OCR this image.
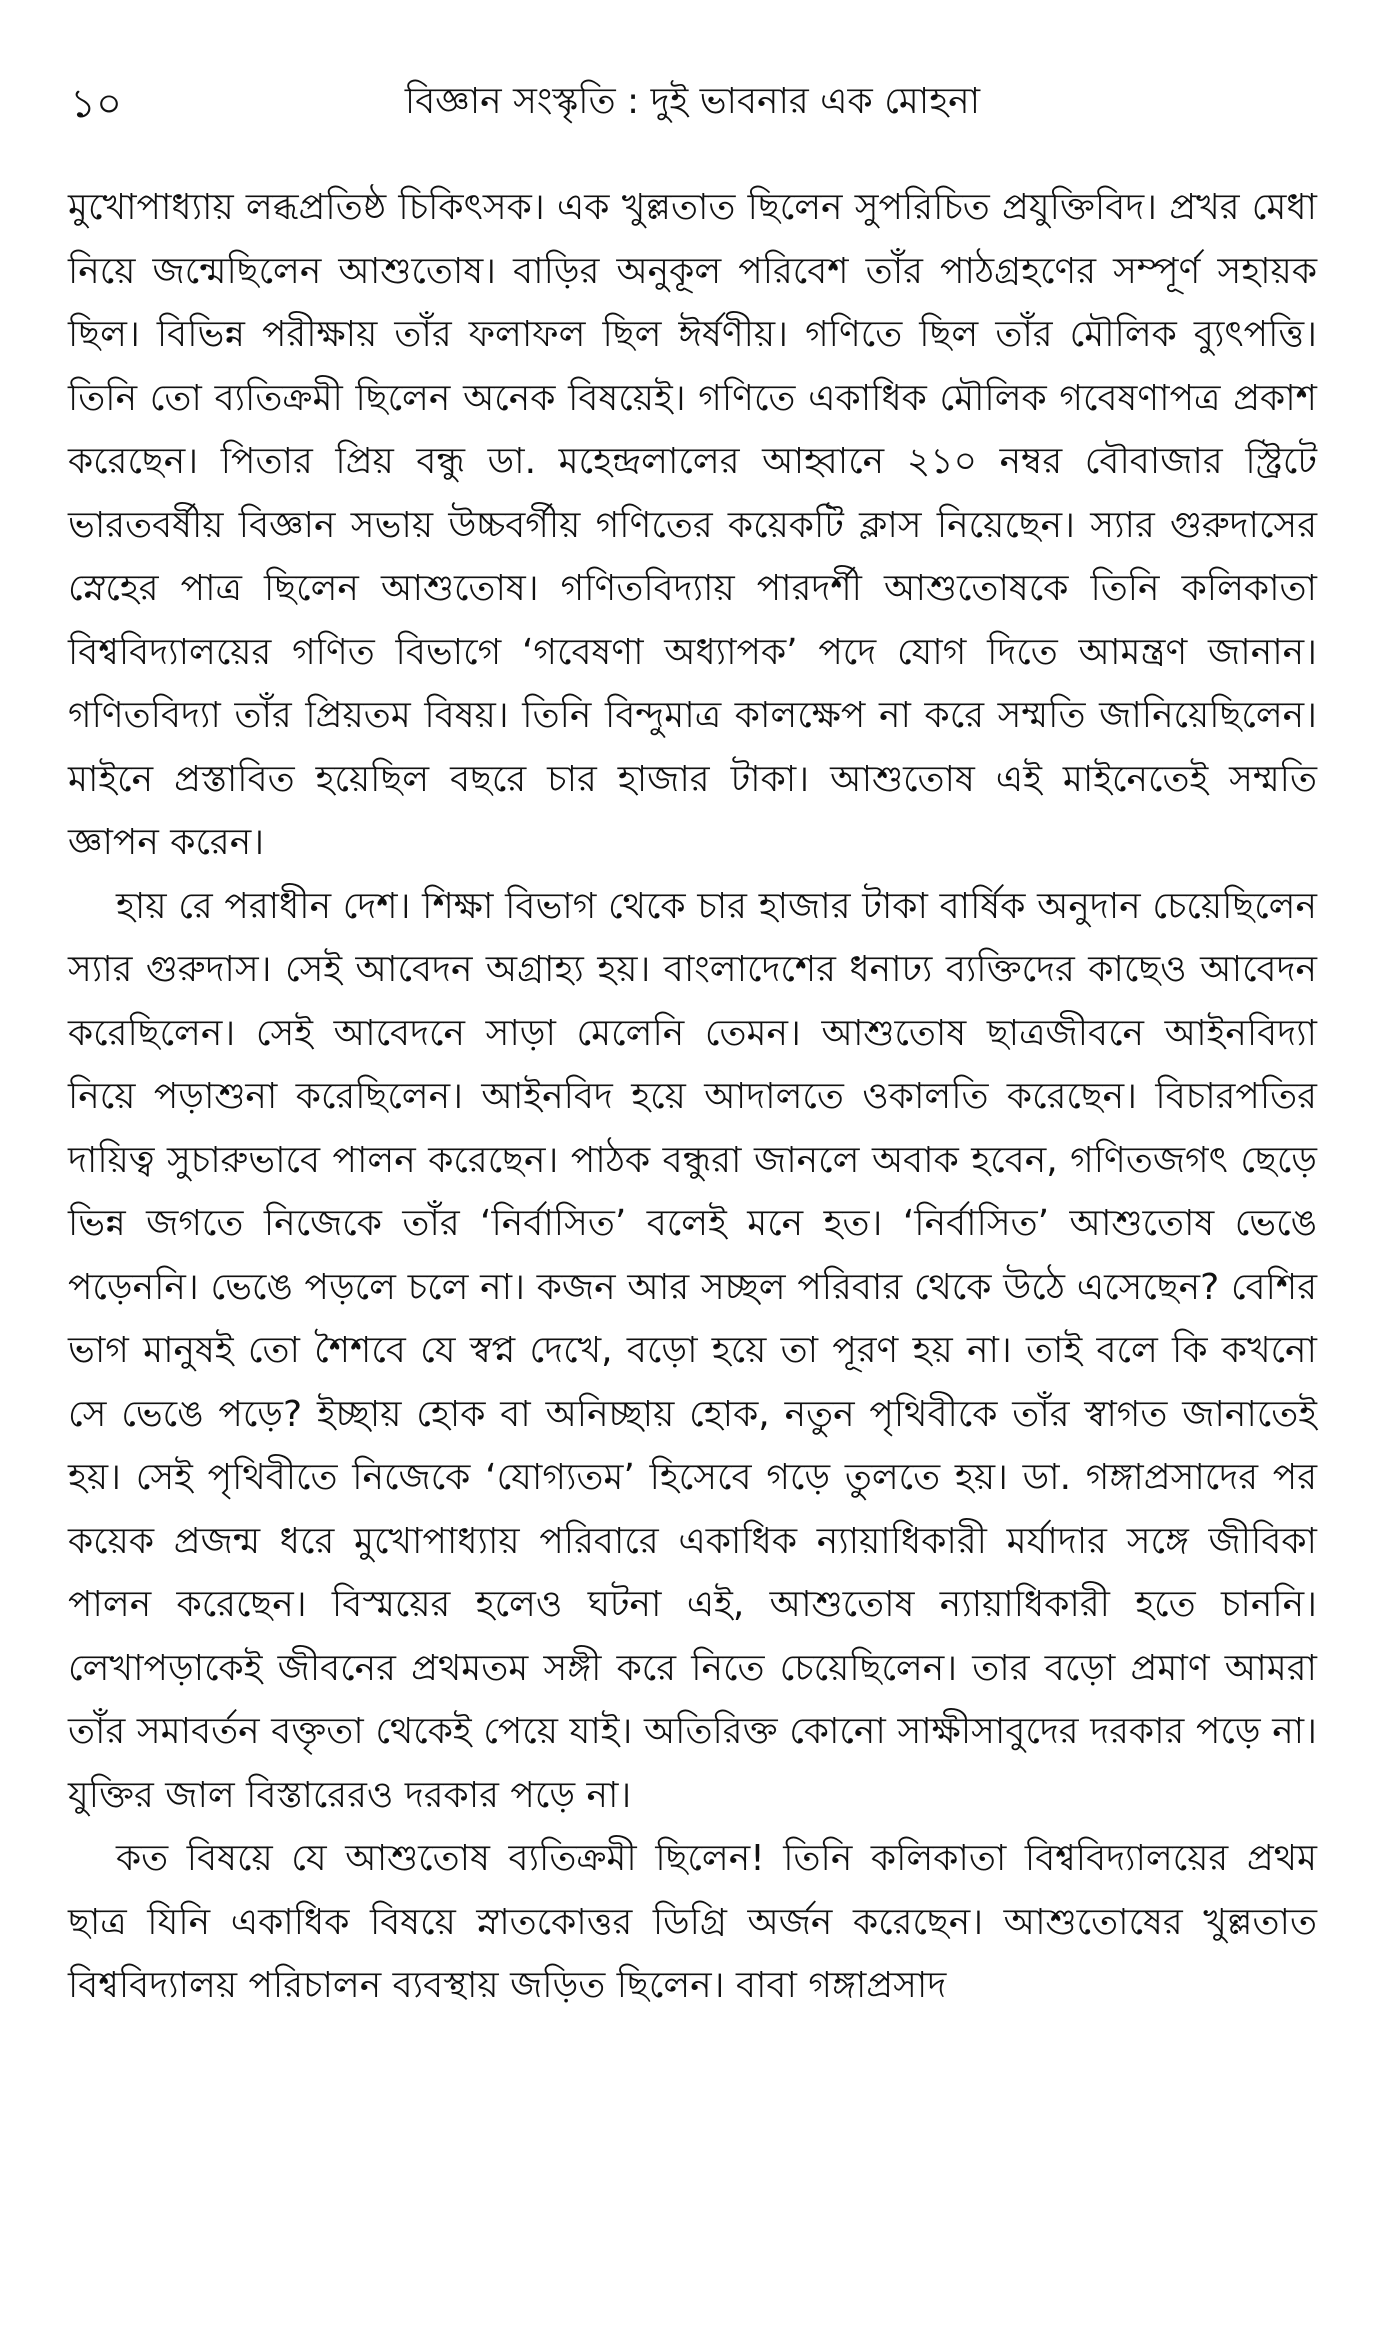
১০	বিজ্ঞান সংস্কৃতি : দুই ভাবনার এক মোহনা

মুখোপাধ্যায় লব্ধপ্রতিষ্ঠ চিকিৎসক। এক খুল্লতাত ছিলেন সুপরিচিত প্রযুক্তিবিদ। প্রখর মেধা নিয়ে জন্মেছিলেন আশুতোষ। বাড়ির অনুকূল পরিবেশ তাঁর পাঠগ্রহণের সম্পূর্ণ সহায়ক ছিল। বিভিন্ন পরীক্ষায় তাঁর ফলাফল ছিল ঈর্ষণীয়। গণিতে ছিল তাঁর মৌলিক ব্যুৎপত্তি। তিনি তো ব্যতিক্রমী ছিলেন অনেক বিষয়েই। গণিতে একাধিক মৌলিক গবেষণাপত্র প্রকাশ করেছেন। পিতার প্রিয় বন্ধু ডা. মহেন্দ্রলালের আহ্বানে ২১০ নম্বর বৌবাজার স্ট্রিটে ভারতবর্ষীয় বিজ্ঞান সভায় উচ্চবর্গীয় গণিতের কয়েকটি ক্লাস নিয়েছেন। স্যার গুরুদাসের স্নেহের পাত্র ছিলেন আশুতোষ। গণিতবিদ্যায় পারদর্শী আশুতোষকে তিনি কলিকাতা বিশ্ববিদ্যালয়ের গণিত বিভাগে ‘গবেষণা অধ্যাপক’ পদে যোগ দিতে আমন্ত্রণ জানান। গণিতবিদ্যা তাঁর প্রিয়তম বিষয়। তিনি বিন্দুমাত্র কালক্ষেপ না করে সম্মতি জানিয়েছিলেন। মাইনে প্রস্তাবিত হয়েছিল বছরে চার হাজার টাকা। আশুতোষ এই মাইনেতেই সম্মতি জ্ঞাপন করেন।

হায় রে পরাধীন দেশ। শিক্ষা বিভাগ থেকে চার হাজার টাকা বার্ষিক অনুদান চেয়েছিলেন স্যার গুরুদাস। সেই আবেদন অগ্রাহ্য হয়। বাংলাদেশের ধনাঢ্য ব্যক্তিদের কাছেও আবেদন করেছিলেন। সেই আবেদনে সাড়া মেলেনি তেমন। আশুতোষ ছাত্রজীবনে আইনবিদ্যা নিয়ে পড়াশুনা করেছিলেন। আইনবিদ হয়ে আদালতে ওকালতি করেছেন। বিচারপতির দায়িত্ব সুচারুভাবে পালন করেছেন। পাঠক বন্ধুরা জানলে অবাক হবেন, গণিতজগৎ ছেড়ে ভিন্ন জগতে নিজেকে তাঁর ‘নির্বাসিত’ বলেই মনে হত। ‘নির্বাসিত’ আশুতোষ ভেঙে পড়েননি। ভেঙে পড়লে চলে না। কজন আর সচ্ছল পরিবার থেকে উঠে এসেছেন? বেশির ভাগ মানুষই তো শৈশবে যে স্বপ্ন দেখে, বড়ো হয়ে তা পূরণ হয় না। তাই বলে কি কখনো সে ভেঙে পড়ে? ইচ্ছায় হোক বা অনিচ্ছায় হোক, নতুন পৃথিবীকে তাঁর স্বাগত জানাতেই হয়। সেই পৃথিবীতে নিজেকে ‘যোগ্যতম’ হিসেবে গড়ে তুলতে হয়। ডা. গঙ্গাপ্রসাদের পর কয়েক প্রজন্ম ধরে মুখোপাধ্যায় পরিবারে একাধিক ন্যায়াধিকারী মর্যাদার সঙ্গে জীবিকা পালন করেছেন। বিস্ময়ের হলেও ঘটনা এই, আশুতোষ ন্যায়াধিকারী হতে চাননি। লেখাপড়াকেই জীবনের প্রথমতম সঙ্গী করে নিতে চেয়েছিলেন। তার বড়ো প্রমাণ আমরা তাঁর সমাবর্তন বক্তৃতা থেকেই পেয়ে যাই। অতিরিক্ত কোনো সাক্ষীসাবুদের দরকার পড়ে না। যুক্তির জাল বিস্তারেরও দরকার পড়ে না।

কত বিষয়ে যে আশুতোষ ব্যতিক্রমী ছিলেন! তিনি কলিকাতা বিশ্ববিদ্যালয়ের প্রথম ছাত্র যিনি একাধিক বিষয়ে স্নাতকোত্তর ডিগ্রি অর্জন করেছেন। আশুতোষের খুল্লতাত বিশ্ববিদ্যালয় পরিচালন ব্যবস্থায় জড়িত ছিলেন। বাবা গঙ্গাপ্রসাদ
